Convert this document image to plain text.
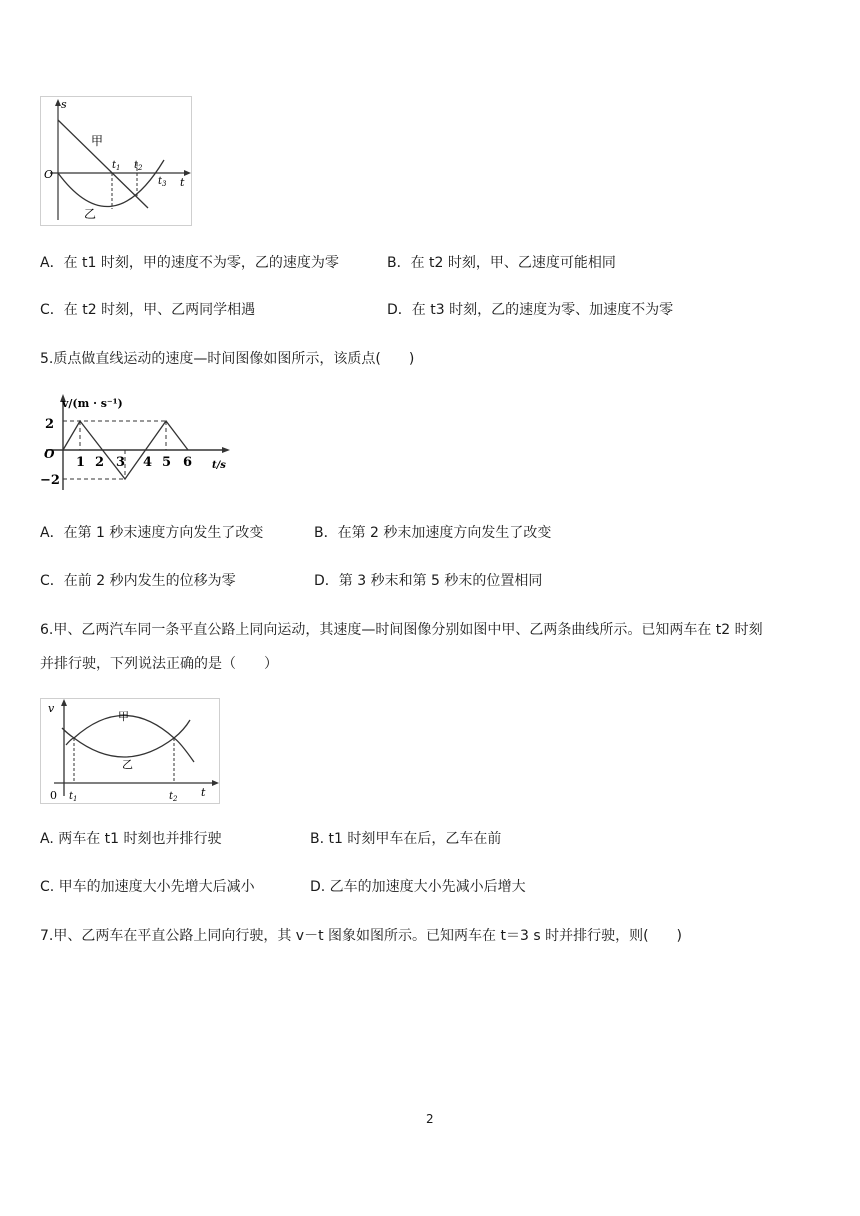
s
t
O
甲
乙
$t_1$ $t_2$
$t_3$
A．在 t1 时刻，甲的速度不为零，乙的速度为零	B．在 t2 时刻，甲、乙速度可能相同
C．在 t2 时刻，甲、乙两同学相遇	D．在 t3 时刻，乙的速度为零、加速度不为零
5.质点做直线运动的速度—时间图像如图所示，该质点(　　)
v/(m · s⁻¹)
t/s
O
2
−2
1 2 3 4 5 6
A．在第 1 秒末速度方向发生了改变	B．在第 2 秒末加速度方向发生了改变
C．在前 2 秒内发生的位移为零	D．第 3 秒末和第 5 秒末的位置相同
6.甲、乙两汽车同一条平直公路上同向运动，其速度—时间图像分别如图中甲、乙两条曲线所示。已知两车在 t2 时刻
并排行驶，下列说法正确的是（　　）
v
t
0
甲
乙
$t_1$	$t_2$
A. 两车在 t1 时刻也并排行驶	B. t1 时刻甲车在后，乙车在前
C. 甲车的加速度大小先增大后减小	D. 乙车的加速度大小先减小后增大
7.甲、乙两车在平直公路上同向行驶，其 v－t 图象如图所示。已知两车在 t＝3 s 时并排行驶，则(　　)
2
